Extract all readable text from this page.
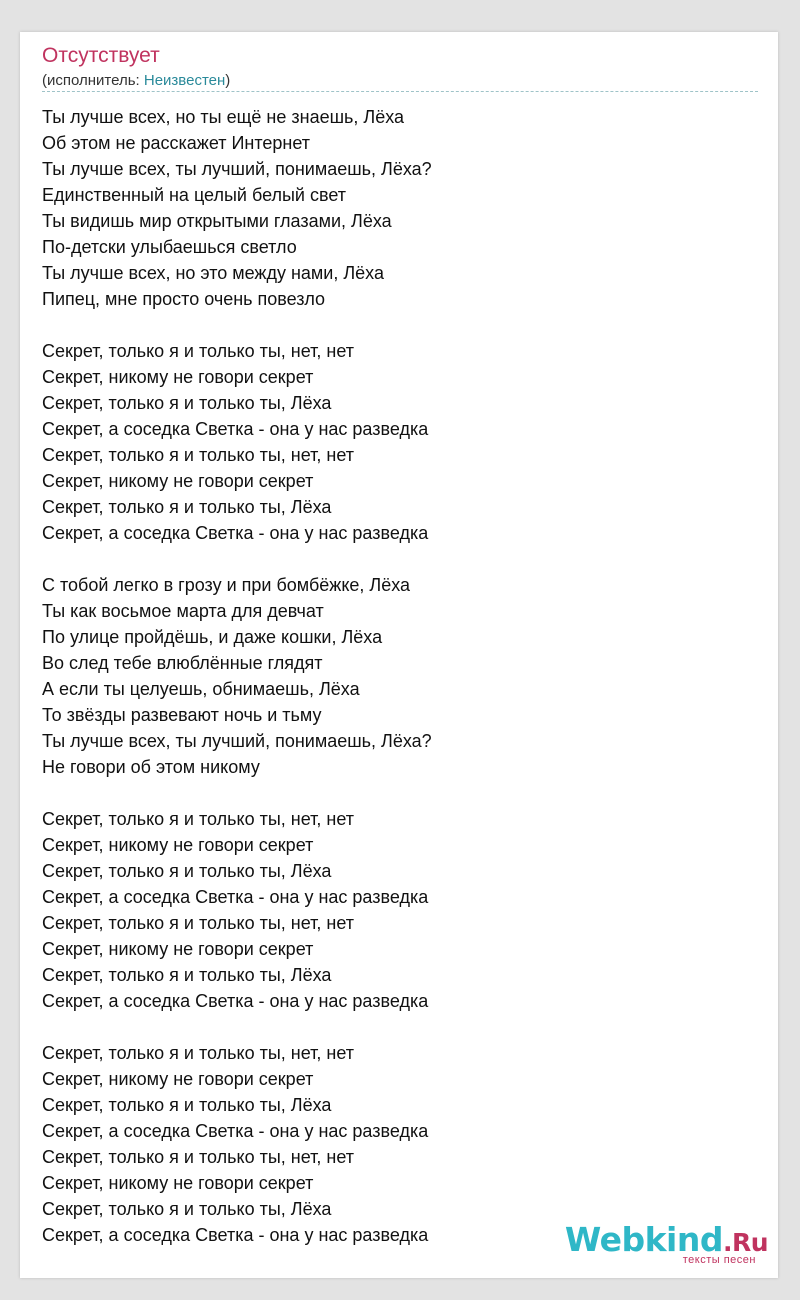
Отсутствует
(исполнитель: Неизвестен)
Ты лучше всех, но ты ещё не знаешь, Лёха
Об этом не расскажет Интернет
Ты лучше всех, ты лучший, понимаешь, Лёха?
Единственный на целый белый свет
Ты видишь мир открытыми глазами, Лёха
По-детски улыбаешься светло
Ты лучше всех, но это между нами, Лёха
Пипец, мне просто очень повезло
Секрет, только я и только ты, нет, нет
Секрет, никому не говори секрет
Секрет, только я и только ты, Лёха
Секрет, а соседка Светка - она у нас разведка
Секрет, только я и только ты, нет, нет
Секрет, никому не говори секрет
Секрет, только я и только ты, Лёха
Секрет, а соседка Светка - она у нас разведка
С тобой легко в грозу и при бомбёжке, Лёха
Ты как восьмое марта для девчат
По улице пройдёшь, и даже кошки, Лёха
Во след тебе влюблённые глядят
А если ты целуешь, обнимаешь, Лёха
То звёзды развевают ночь и тьму
Ты лучше всех, ты лучший, понимаешь, Лёха?
Не говори об этом никому
Секрет, только я и только ты, нет, нет
Секрет, никому не говори секрет
Секрет, только я и только ты, Лёха
Секрет, а соседка Светка - она у нас разведка
Секрет, только я и только ты, нет, нет
Секрет, никому не говори секрет
Секрет, только я и только ты, Лёха
Секрет, а соседка Светка - она у нас разведка
Секрет, только я и только ты, нет, нет
Секрет, никому не говори секрет
Секрет, только я и только ты, Лёха
Секрет, а соседка Светка - она у нас разведка
Секрет, только я и только ты, нет, нет
Секрет, никому не говори секрет
Секрет, только я и только ты, Лёха
Секрет, а соседка Светка - она у нас разведка	Webkind.Ru
тексты песен
